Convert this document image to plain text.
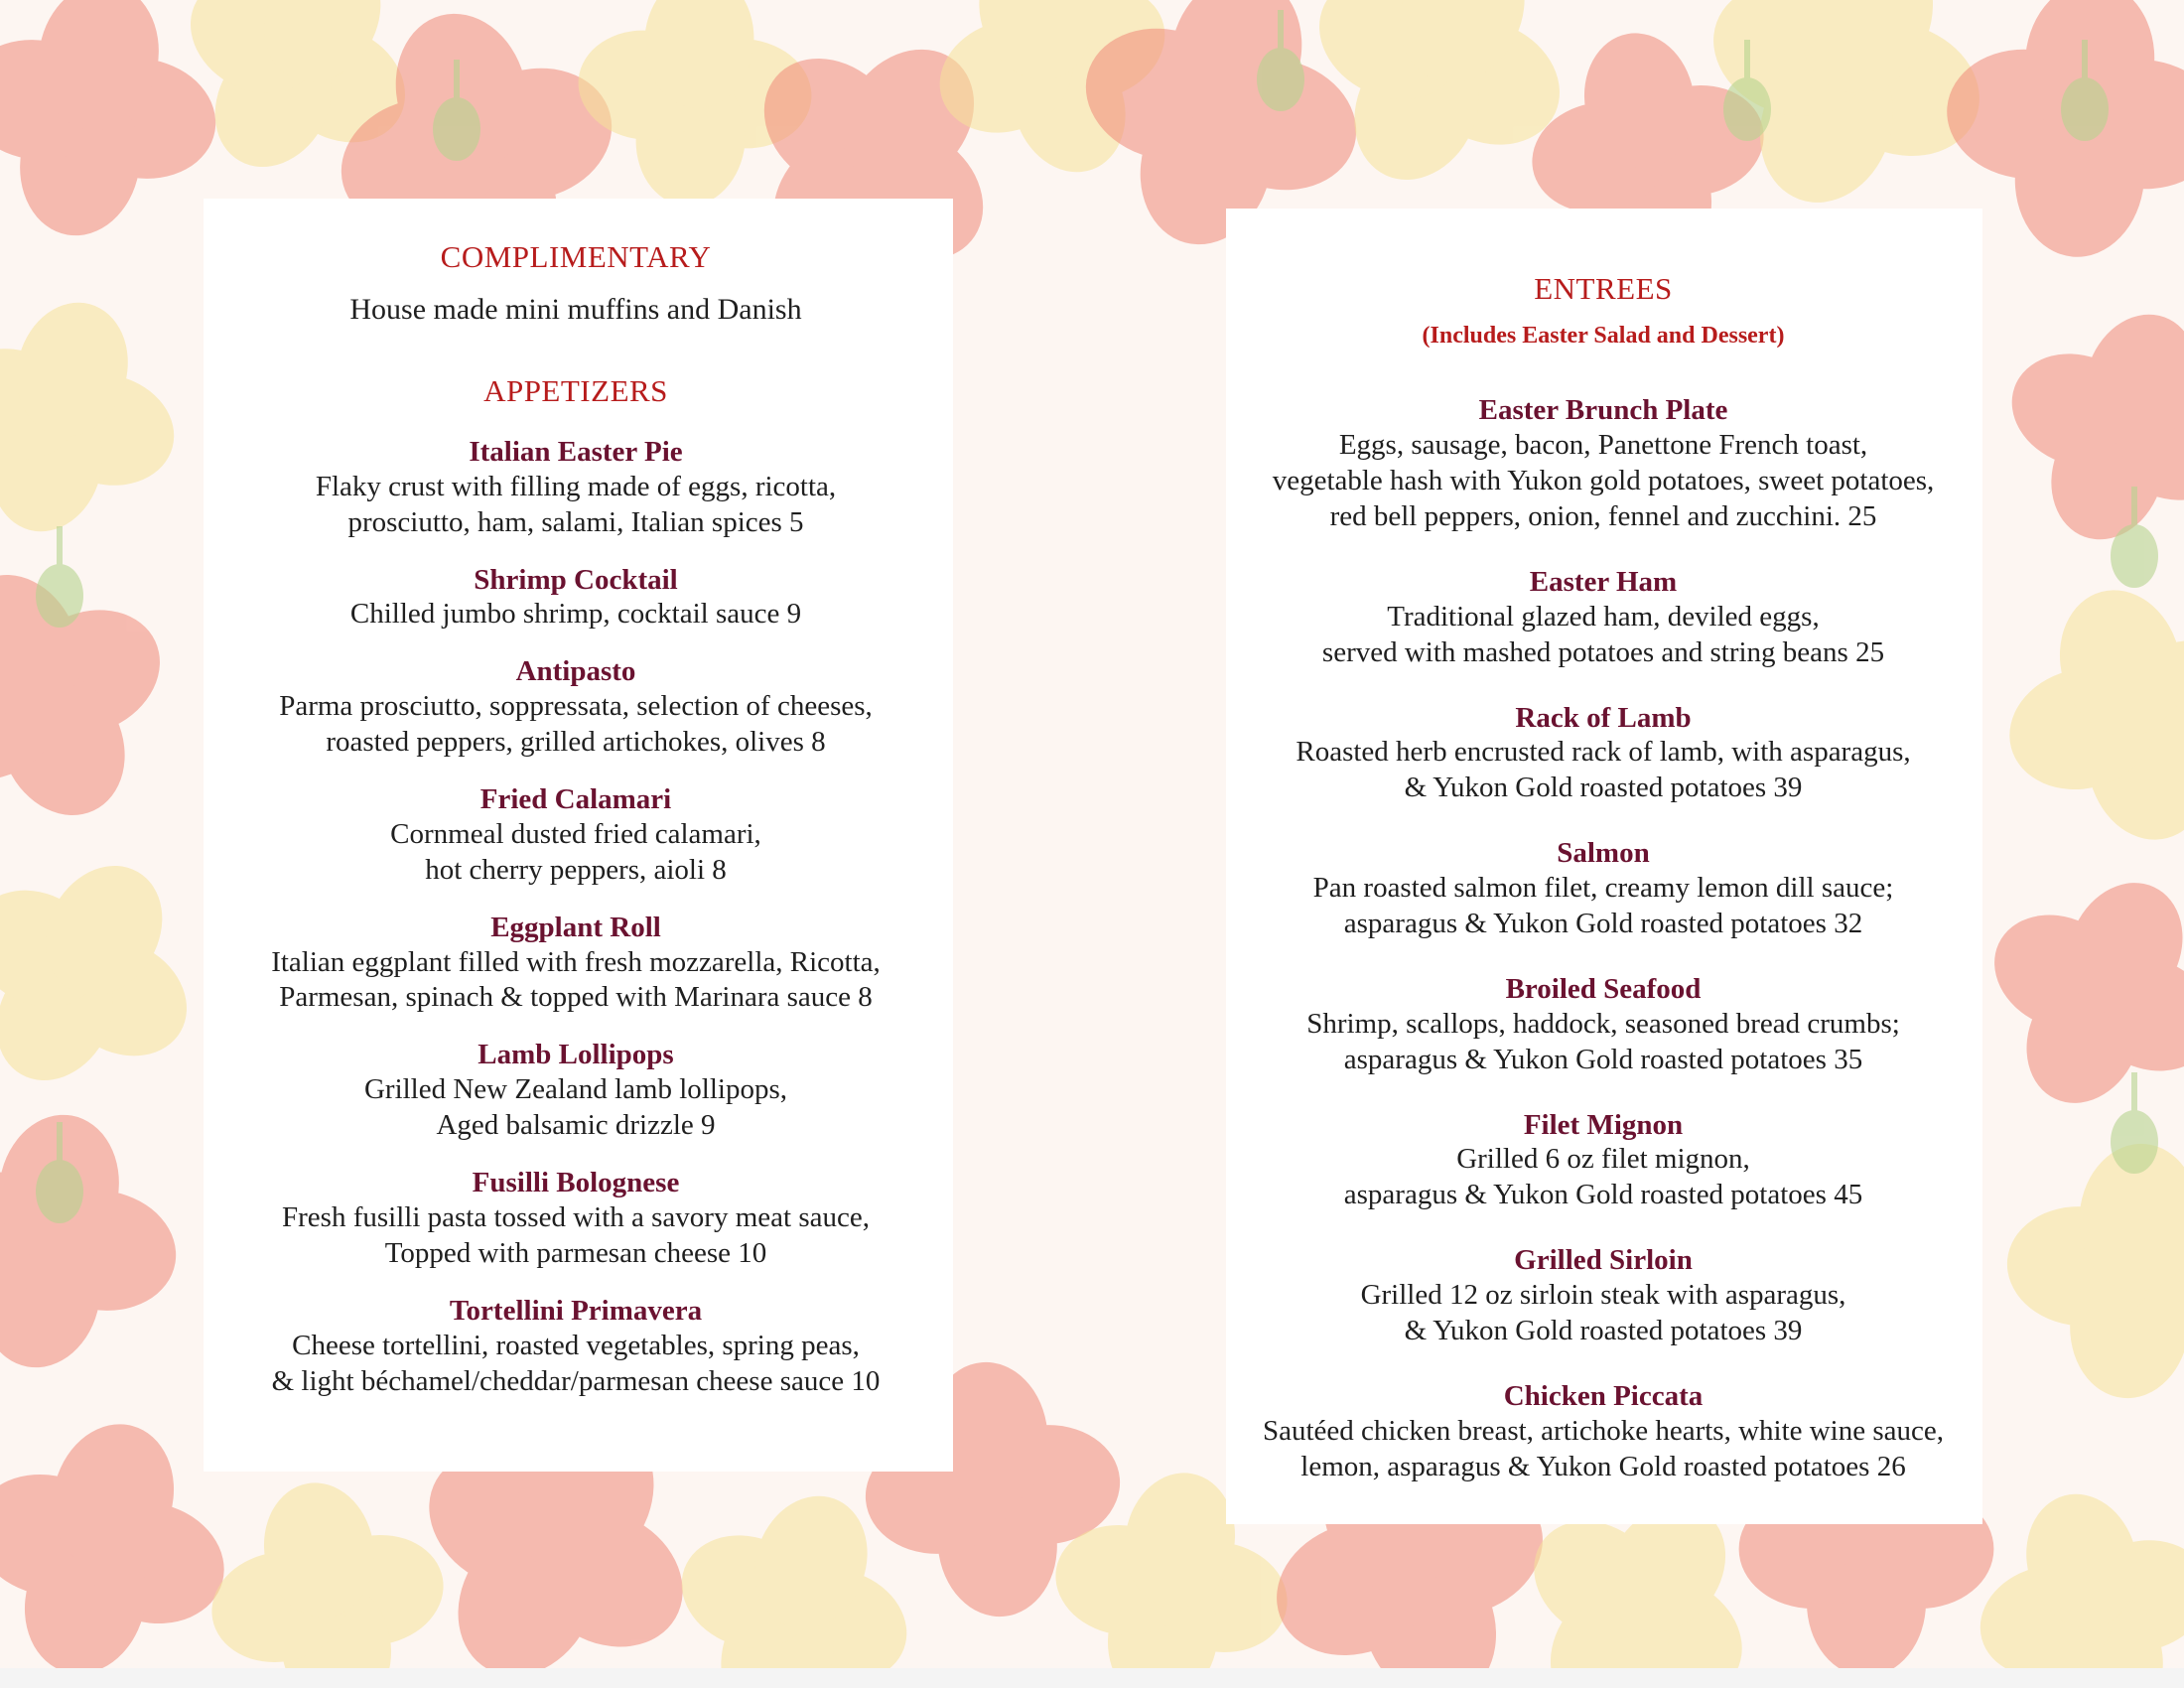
COMPLIMENTARY
House made mini muffins and Danish
APPETIZERS
Italian Easter Pie
Flaky crust with filling made of eggs, ricotta,
prosciutto, ham, salami, Italian spices 5
Shrimp Cocktail
Chilled jumbo shrimp, cocktail sauce 9
Antipasto
Parma prosciutto, soppressata, selection of cheeses,
roasted peppers, grilled artichokes, olives 8
Fried Calamari
Cornmeal dusted fried calamari,
hot cherry peppers, aioli 8
Eggplant Roll
Italian eggplant filled with fresh mozzarella, Ricotta,
Parmesan, spinach & topped with Marinara sauce 8
Lamb Lollipops
Grilled New Zealand lamb lollipops,
Aged balsamic drizzle 9
Fusilli Bolognese
Fresh fusilli pasta tossed with a savory meat sauce,
Topped with parmesan cheese 10
Tortellini Primavera
Cheese tortellini, roasted vegetables, spring peas,
& light béchamel/cheddar/parmesan cheese sauce 10
ENTREES
(Includes Easter Salad and Dessert)
Easter Brunch Plate
Eggs, sausage, bacon, Panettone French toast,
vegetable hash with Yukon gold potatoes, sweet potatoes,
red bell peppers, onion, fennel and zucchini. 25
Easter Ham
Traditional glazed ham, deviled eggs,
served with mashed potatoes and string beans 25
Rack of Lamb
Roasted herb encrusted rack of lamb, with asparagus,
& Yukon Gold roasted potatoes 39
Salmon
Pan roasted salmon filet, creamy lemon dill sauce;
asparagus & Yukon Gold roasted potatoes 32
Broiled Seafood
Shrimp, scallops, haddock, seasoned bread crumbs;
asparagus & Yukon Gold roasted potatoes 35
Filet Mignon
Grilled 6 oz filet mignon,
asparagus & Yukon Gold roasted potatoes 45
Grilled Sirloin
Grilled 12 oz sirloin steak with asparagus,
& Yukon Gold roasted potatoes 39
Chicken Piccata
Sautéed chicken breast, artichoke hearts, white wine sauce,
lemon, asparagus & Yukon Gold roasted potatoes 26
